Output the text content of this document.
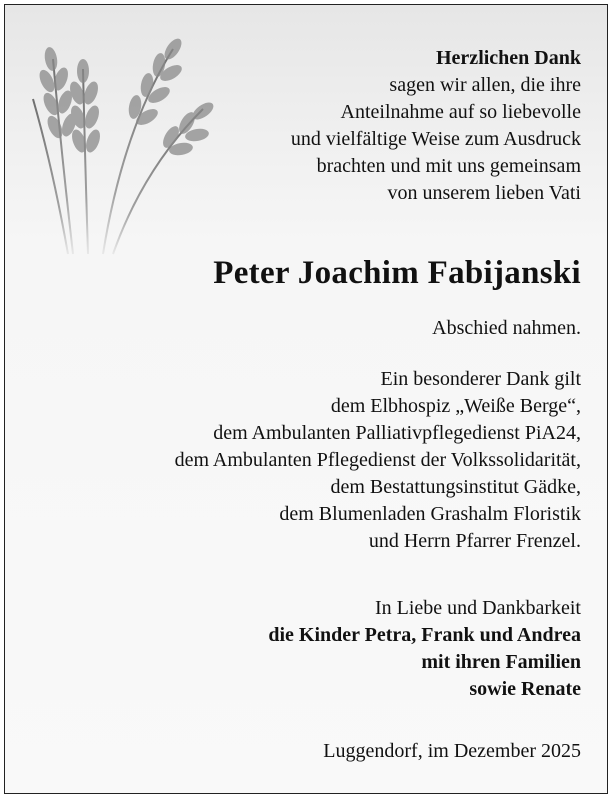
Herzlichen Dank
sagen wir allen, die ihre
Anteilnahme auf so liebevolle
und vielfältige Weise zum Ausdruck
brachten und mit uns gemeinsam
von unserem lieben Vati
Peter Joachim Fabijanski
Abschied nahmen.
Ein besonderer Dank gilt
dem Elbhospiz „Weiße Berge“,
dem Ambulanten Palliativpflegedienst PiA24,
dem Ambulanten Pflegedienst der Volkssolidarität,
dem Bestattungsinstitut Gädke,
dem Blumenladen Grashalm Floristik
und Herrn Pfarrer Frenzel.
In Liebe und Dankbarkeit
die Kinder Petra, Frank und Andrea
mit ihren Familien
sowie Renate
Luggendorf, im Dezember 2025
